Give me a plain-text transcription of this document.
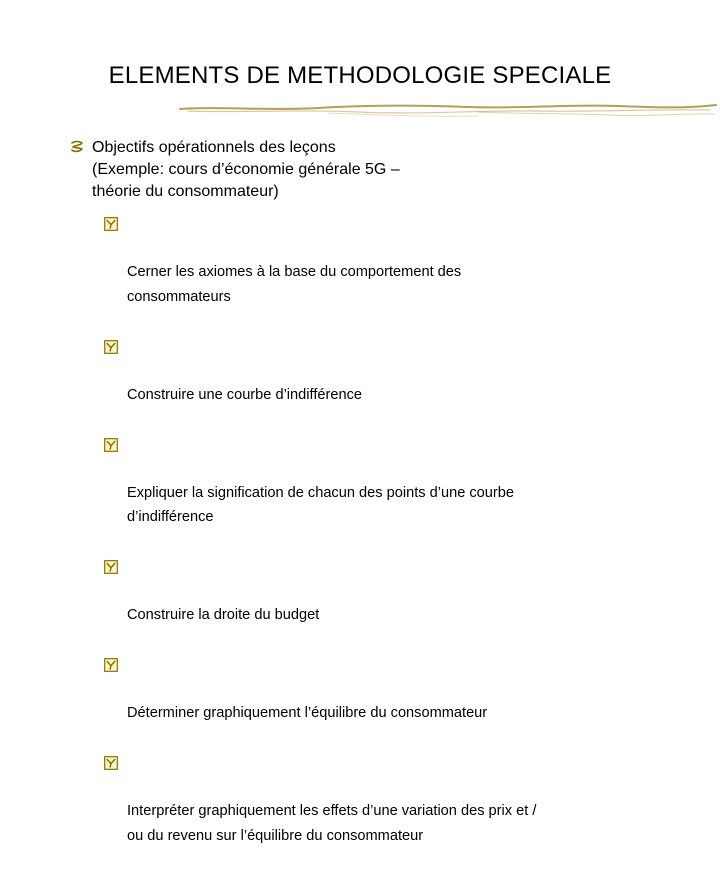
ELEMENTS DE METHODOLOGIE SPECIALE
Objectifs opérationnels des leçons
(Exemple: cours d’économie générale 5G –
théorie du consommateur)

Cerner les axiomes à la base du comportement des
consommateurs

Construire une courbe d’indifférence

Expliquer la signification de chacun des points d’une courbe
d’indifférence

Construire la droite du budget

Déterminer graphiquement l’équilibre du consommateur

Interpréter graphiquement les effets d’une variation des prix et /
ou du revenu sur l’équilibre du consommateur
